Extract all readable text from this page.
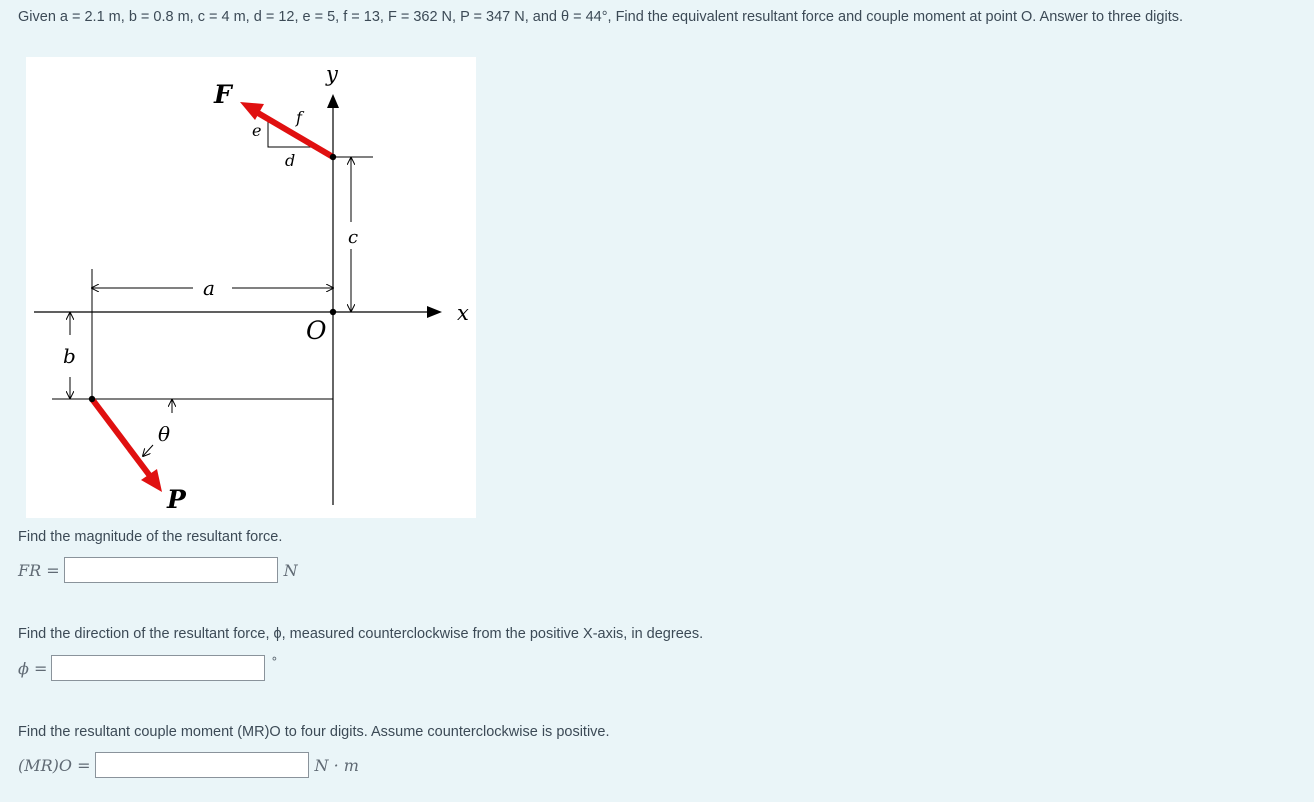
Given a = 2.1 m, b = 0.8 m, c = 4 m, d = 12, e = 5, f = 13, F = 362 N, P = 347 N, and θ = 44°, Find the equivalent resultant force and couple moment at point O. Answer to three digits.
F
P
y
x
O
a
b
c
d
e
f
θ
Find the magnitude of the resultant force.
FR =	N
Find the direction of the resultant force, ϕ, measured counterclockwise from the positive X-axis, in degrees.
ϕ =	°
Find the resultant couple moment (MR)O to four digits. Assume counterclockwise is positive.
(MR)O =	N · m
